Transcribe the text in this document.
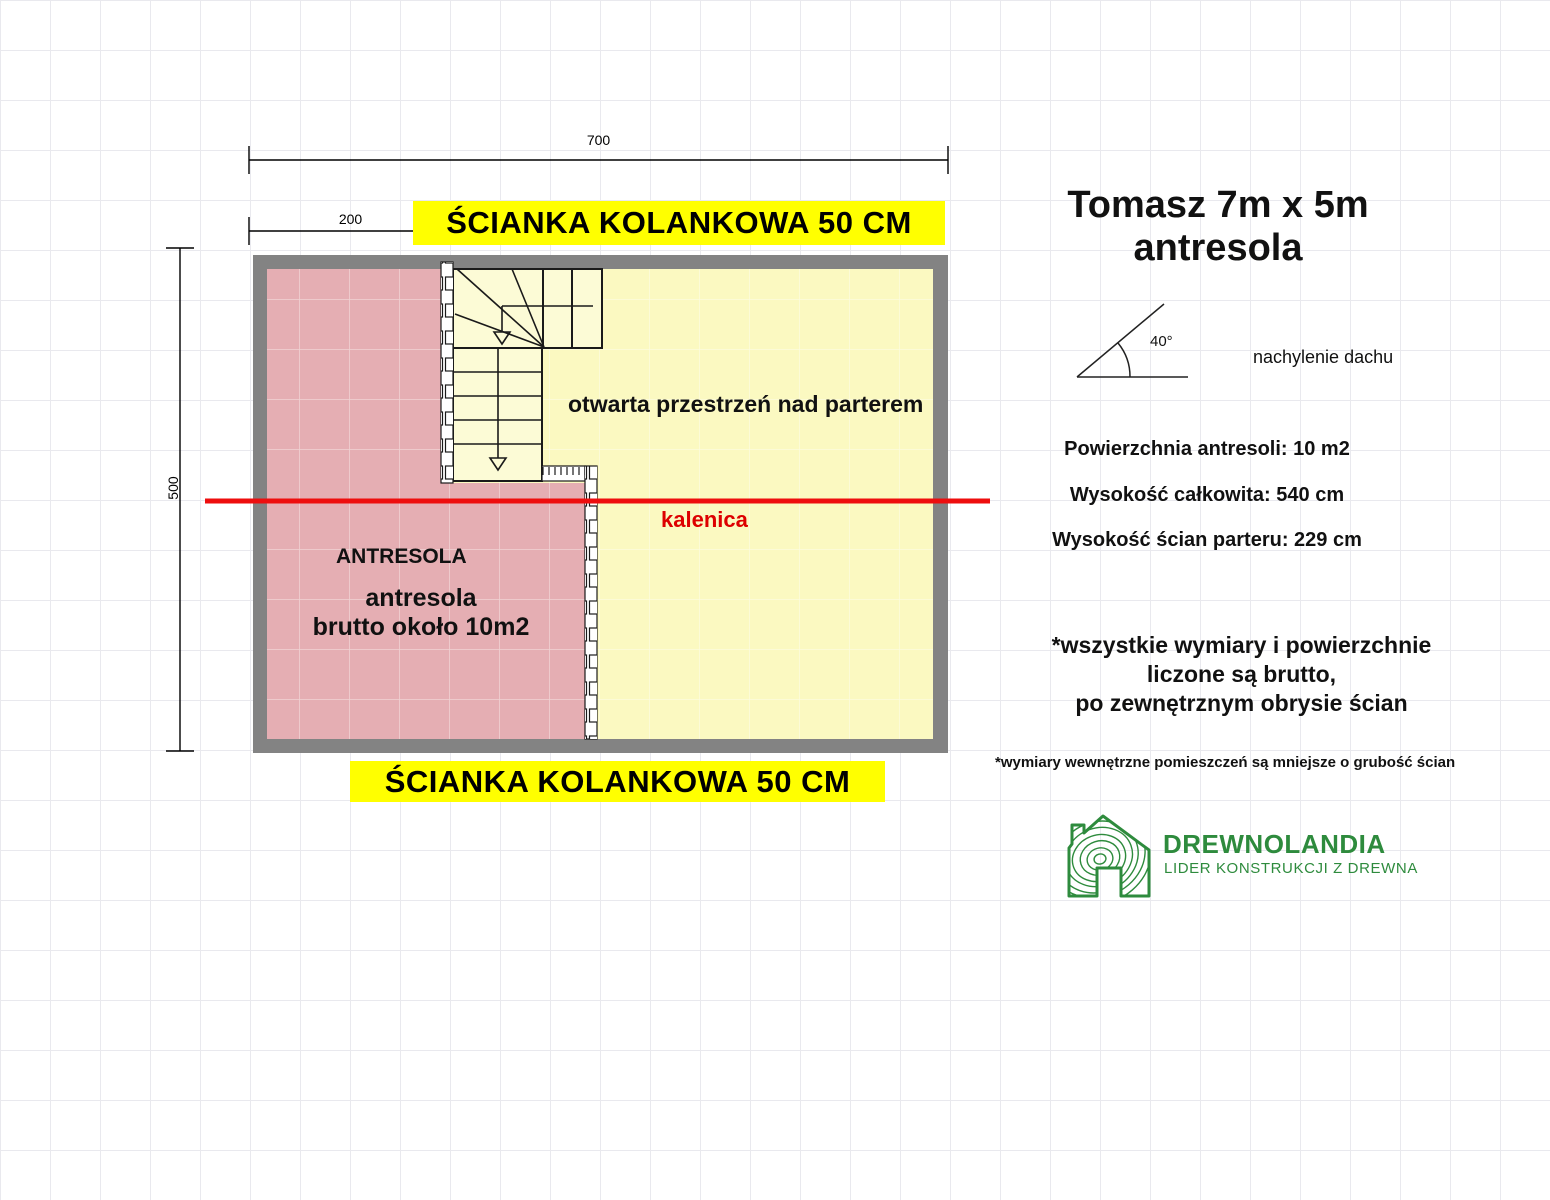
700
200
500
ŚCIANKA KOLANKOWA 50 CM
ŚCIANKA KOLANKOWA 50 CM
otwarta przestrzeń nad parterem
kalenica
ANTRESOLA
antresola
brutto około 10m2
Tomasz 7m x 5m
antresola
40°
nachylenie dachu
Powierzchnia antresoli: 10 m2
Wysokość całkowita: 540 cm
Wysokość ścian parteru: 229 cm
*wszystkie wymiary i powierzchnie
liczone są brutto,
po zewnętrznym obrysie ścian
*wymiary wewnętrzne pomieszczeń są mniejsze o grubość ścian
DREWNOLANDIA
LIDER KONSTRUKCJI Z DREWNA
